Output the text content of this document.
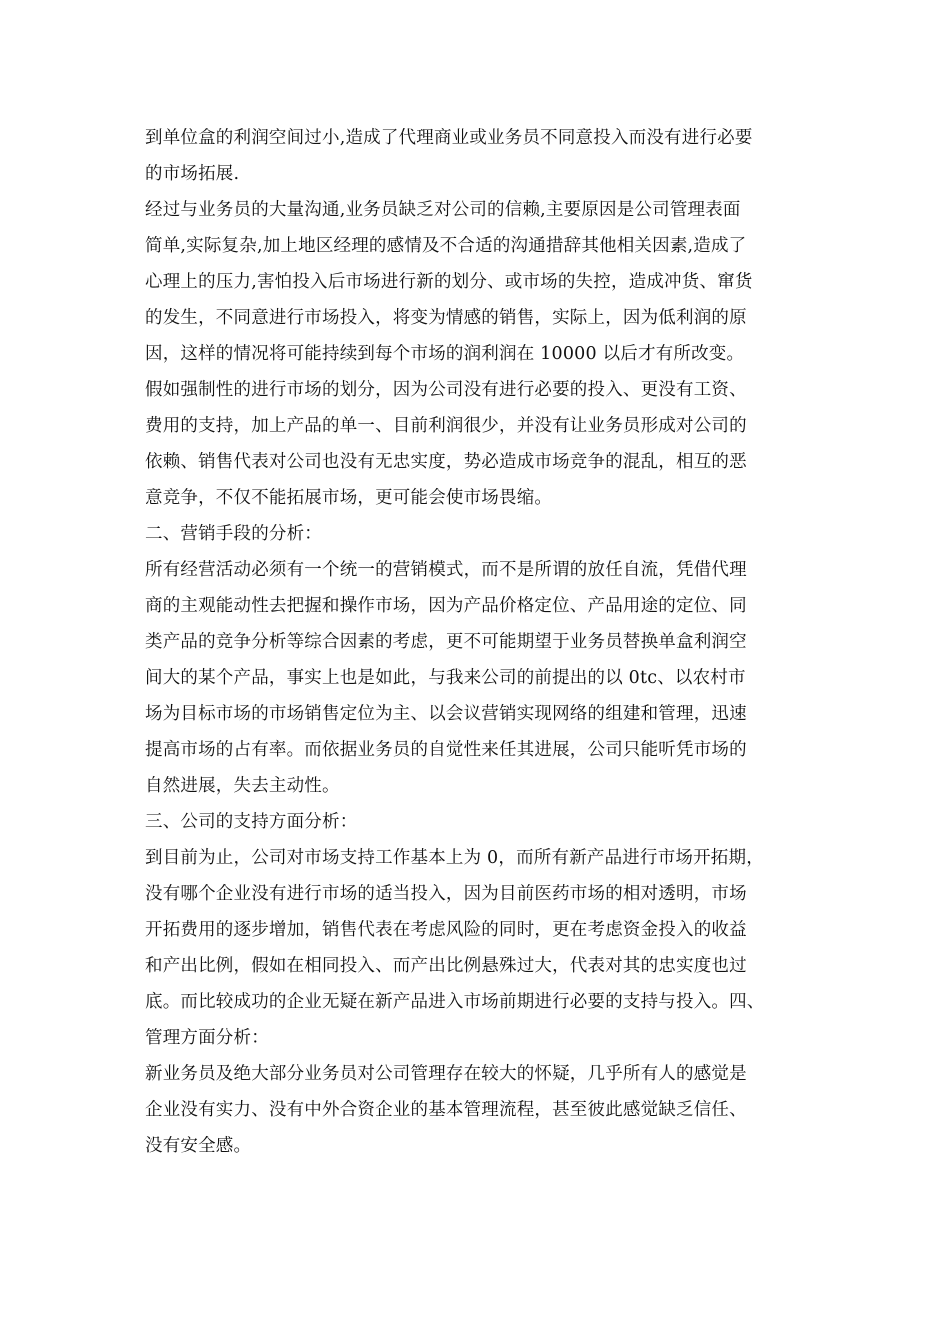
到单位盒的利润空间过小,造成了代理商业或业务员不同意投入而没有进行必要
的市场拓展.
经过与业务员的大量沟通,业务员缺乏对公司的信赖,主要原因是公司管理表面
简单,实际复杂,加上地区经理的感情及不合适的沟通措辞其他相关因素,造成了
心理上的压力,害怕投入后市场进行新的划分、或市场的失控，造成冲货、窜货
的发生，不同意进行市场投入，将变为情感的销售，实际上，因为低利润的原
因，这样的情况将可能持续到每个市场的润利润在 10000 以后才有所改变。
假如强制性的进行市场的划分，因为公司没有进行必要的投入、更没有工资、
费用的支持，加上产品的单一、目前利润很少，并没有让业务员形成对公司的
依赖、销售代表对公司也没有无忠实度，势必造成市场竞争的混乱，相互的恶
意竞争，不仅不能拓展市场，更可能会使市场畏缩。
二、营销手段的分析：
所有经营活动必须有一个统一的营销模式，而不是所谓的放任自流，凭借代理
商的主观能动性去把握和操作市场，因为产品价格定位、产品用途的定位、同
类产品的竞争分析等综合因素的考虑，更不可能期望于业务员替换单盒利润空
间大的某个产品，事实上也是如此，与我来公司的前提出的以 0tc、以农村市
场为目标市场的市场销售定位为主、以会议营销实现网络的组建和管理，迅速
提高市场的占有率。而依据业务员的自觉性来任其进展，公司只能听凭市场的
自然进展，失去主动性。
三、公司的支持方面分析：
到目前为止，公司对市场支持工作基本上为 0，而所有新产品进行市场开拓期，
没有哪个企业没有进行市场的适当投入，因为目前医药市场的相对透明，市场
开拓费用的逐步增加，销售代表在考虑风险的同时，更在考虑资金投入的收益
和产出比例，假如在相同投入、而产出比例悬殊过大，代表对其的忠实度也过
底。而比较成功的企业无疑在新产品进入市场前期进行必要的支持与投入。四、
管理方面分析：
新业务员及绝大部分业务员对公司管理存在较大的怀疑，几乎所有人的感觉是
企业没有实力、没有中外合资企业的基本管理流程，甚至彼此感觉缺乏信任、
没有安全感。
